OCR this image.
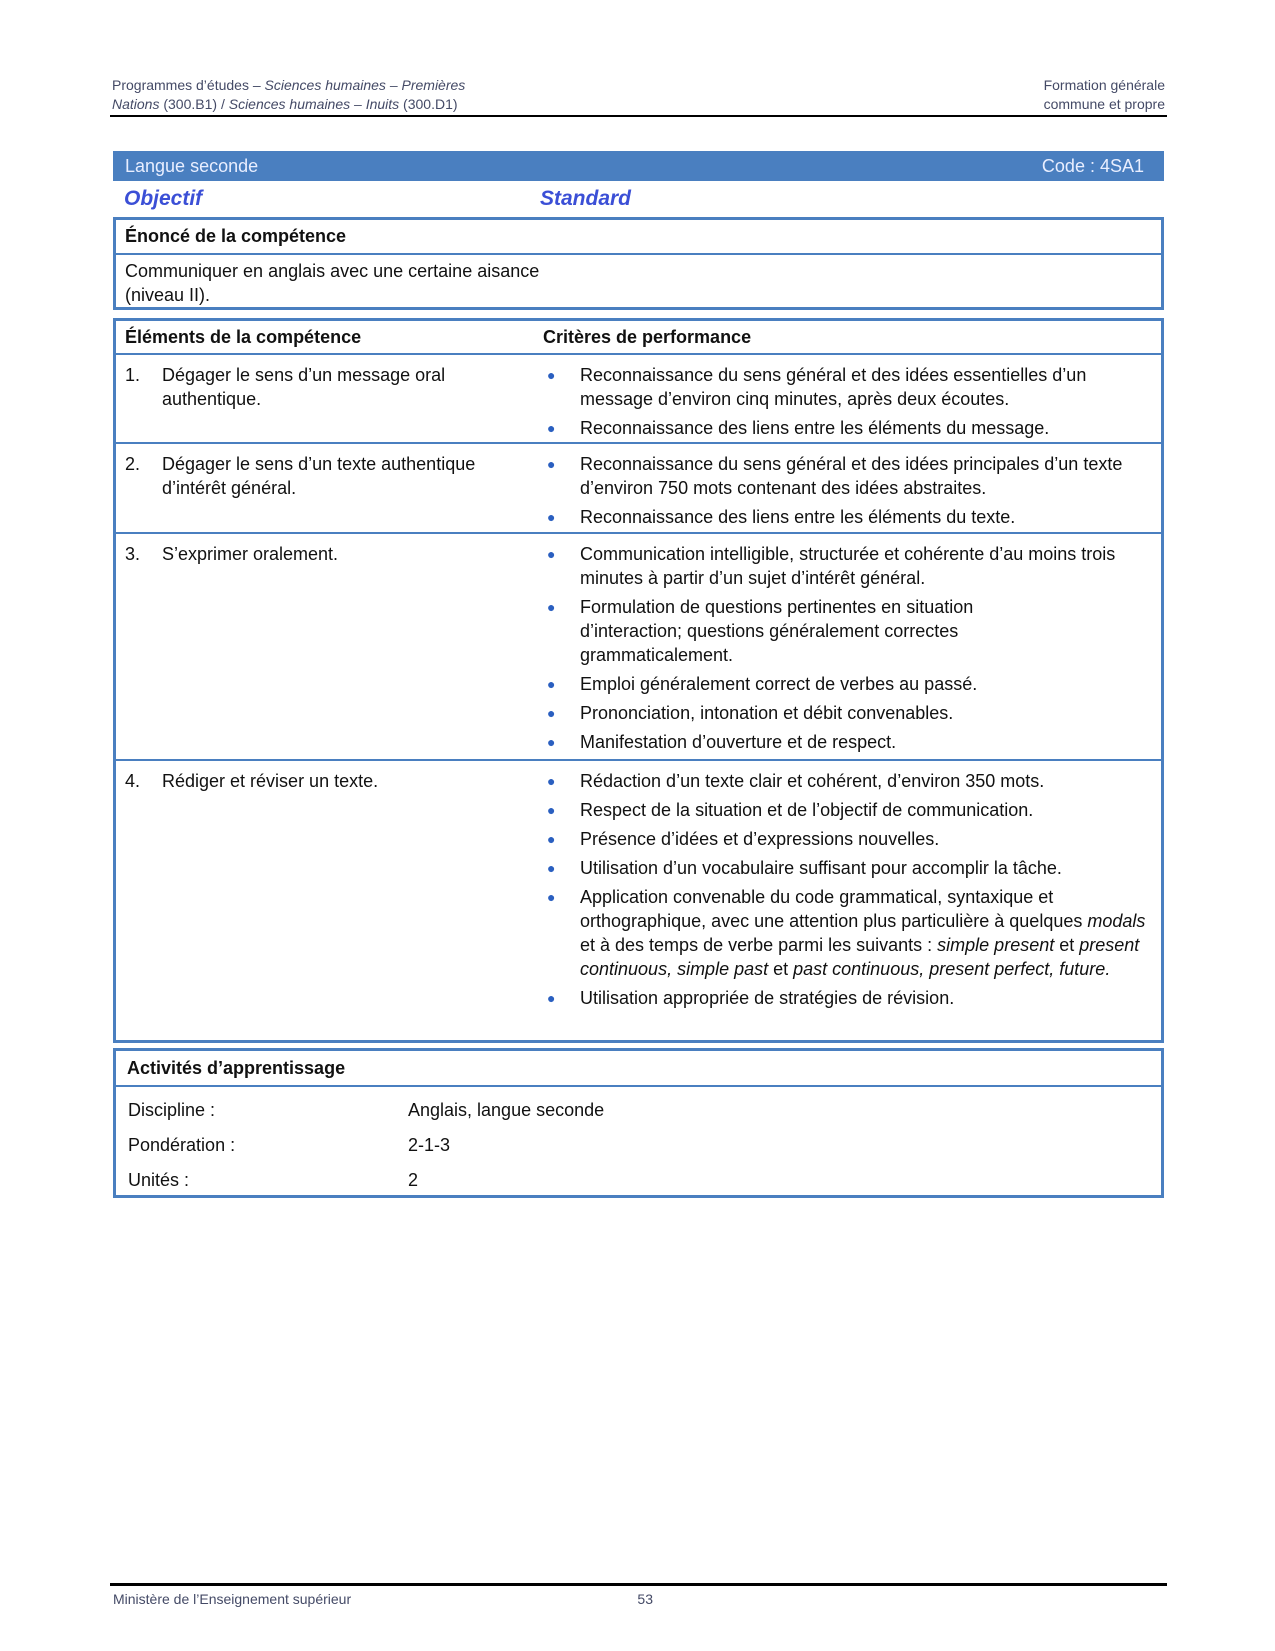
Programmes d’études – Sciences humaines – Premières	Formation générale
Nations (300.B1) / Sciences humaines – Inuits (300.D1)	commune et propre
Langue seconde	Code : 4SA1
Objectif	Standard
Énoncé de la compétence
Communiquer en anglais avec une certaine aisance (niveau II).
Éléments de la compétence	Critères de performance
1.	Dégager le sens d’un message oral authentique.
●	Reconnaissance du sens général et des idées essentielles d’un message d’environ cinq minutes, après deux écoutes.
●	Reconnaissance des liens entre les éléments du message.
2.	Dégager le sens d’un texte authentique d’intérêt général.
●	Reconnaissance du sens général et des idées principales d’un texte d’environ 750 mots contenant des idées abstraites.
●	Reconnaissance des liens entre les éléments du texte.
3.	S’exprimer oralement.	●	Communication intelligible, structurée et cohérente d’au moins trois minutes à partir d’un sujet d’intérêt général.
●	Formulation de questions pertinentes en situation d’interaction; questions généralement correctes grammaticalement.
●	Emploi généralement correct de verbes au passé.
●	Prononciation, intonation et débit convenables.
●	Manifestation d’ouverture et de respect.
4.	Rédiger et réviser un texte.	●	Rédaction d’un texte clair et cohérent, d’environ 350 mots.
●	Respect de la situation et de l’objectif de communication.
●	Présence d’idées et d’expressions nouvelles.
●	Utilisation d’un vocabulaire suffisant pour accomplir la tâche.
●	Application convenable du code grammatical, syntaxique et orthographique, avec une attention plus particulière à quelques modals et à des temps de verbe parmi les suivants : simple present et present continuous, simple past et past continuous, present perfect, future.
●	Utilisation appropriée de stratégies de révision.
Activités d’apprentissage
Discipline :	Anglais, langue seconde
Pondération :	2-1-3
Unités :	2
Ministère de l’Enseignement supérieur	53
